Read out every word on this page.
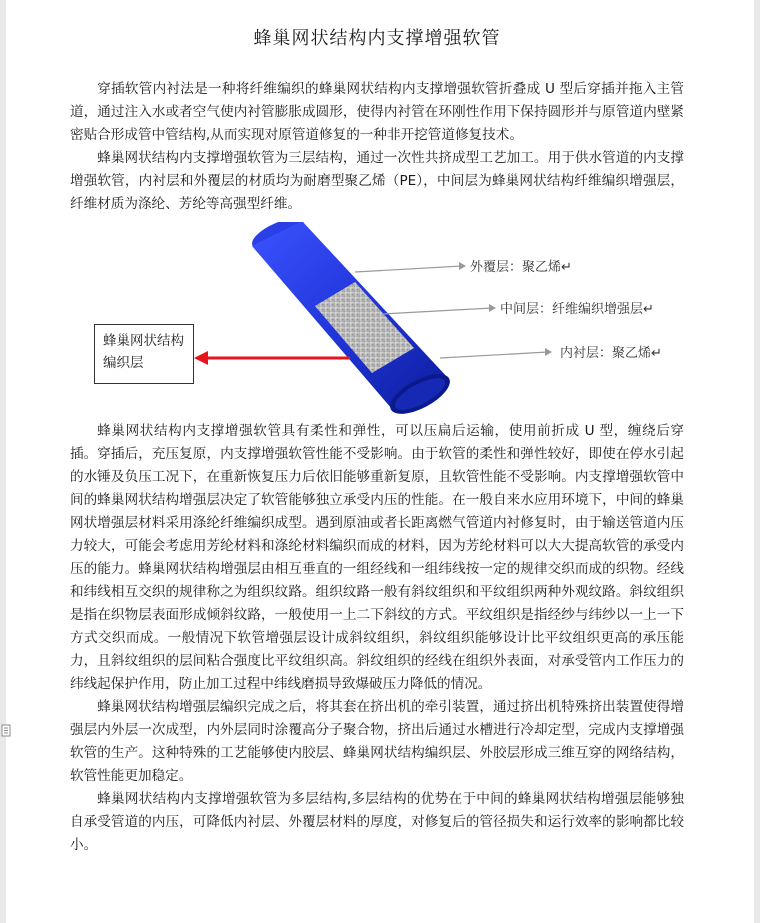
蜂巢网状结构内支撑增强软管

穿插软管内衬法是一种将纤维编织的蜂巢网状结构内支撑增强软管折叠成 U 型后穿插并拖入主管道，通过注入水或者空气使内衬管膨胀成圆形，使得内衬管在环刚性作用下保持圆形并与原管道内壁紧密贴合形成管中管结构,从而实现对原管道修复的一种非开挖管道修复技术。

蜂巢网状结构内支撑增强软管为三层结构，通过一次性共挤成型工艺加工。用于供水管道的内支撑增强软管，内衬层和外覆层的材质均为耐磨型聚乙烯（PE），中间层为蜂巢网状结构纤维编织增强层，纤维材质为涤纶、芳纶等高强型纤维。

外覆层：聚乙烯↵
中间层：纤维编织增强层↵
内衬层：聚乙烯↵
蜂巢网状结构编织层

蜂巢网状结构内支撑增强软管具有柔性和弹性，可以压扁后运输，使用前折成 U 型，缠绕后穿插。穿插后，充压复原，内支撑增强软管性能不受影响。由于软管的柔性和弹性较好，即使在停水引起的水锤及负压工况下，在重新恢复压力后依旧能够重新复原，且软管性能不受影响。内支撑增强软管中间的蜂巢网状结构增强层决定了软管能够独立承受内压的性能。在一般自来水应用环境下，中间的蜂巢网状增强层材料采用涤纶纤维编织成型。遇到原油或者长距离燃气管道内衬修复时，由于输送管道内压力较大，可能会考虑用芳纶材料和涤纶材料编织而成的材料，因为芳纶材料可以大大提高软管的承受内压的能力。蜂巢网状结构增强层由相互垂直的一组经线和一组纬线按一定的规律交织而成的织物。经线和纬线相互交织的规律称之为组织纹路。组织纹路一般有斜纹组织和平纹组织两种外观纹路。斜纹组织是指在织物层表面形成倾斜纹路，一般使用一上二下斜纹的方式。平纹组织是指经纱与纬纱以一上一下方式交织而成。一般情况下软管增强层设计成斜纹组织，斜纹组织能够设计比平纹组织更高的承压能力，且斜纹组织的层间粘合强度比平纹组织高。斜纹组织的经线在组织外表面，对承受管内工作压力的纬线起保护作用，防止加工过程中纬线磨损导致爆破压力降低的情况。

蜂巢网状结构增强层编织完成之后，将其套在挤出机的牵引装置，通过挤出机特殊挤出装置使得增强层内外层一次成型，内外层同时涂覆高分子聚合物，挤出后通过水槽进行冷却定型，完成内支撑增强软管的生产。这种特殊的工艺能够使内胶层、蜂巢网状结构编织层、外胶层形成三维互穿的网络结构，软管性能更加稳定。

蜂巢网状结构内支撑增强软管为多层结构,多层结构的优势在于中间的蜂巢网状结构增强层能够独自承受管道的内压，可降低内衬层、外覆层材料的厚度，对修复后的管径损失和运行效率的影响都比较小。
